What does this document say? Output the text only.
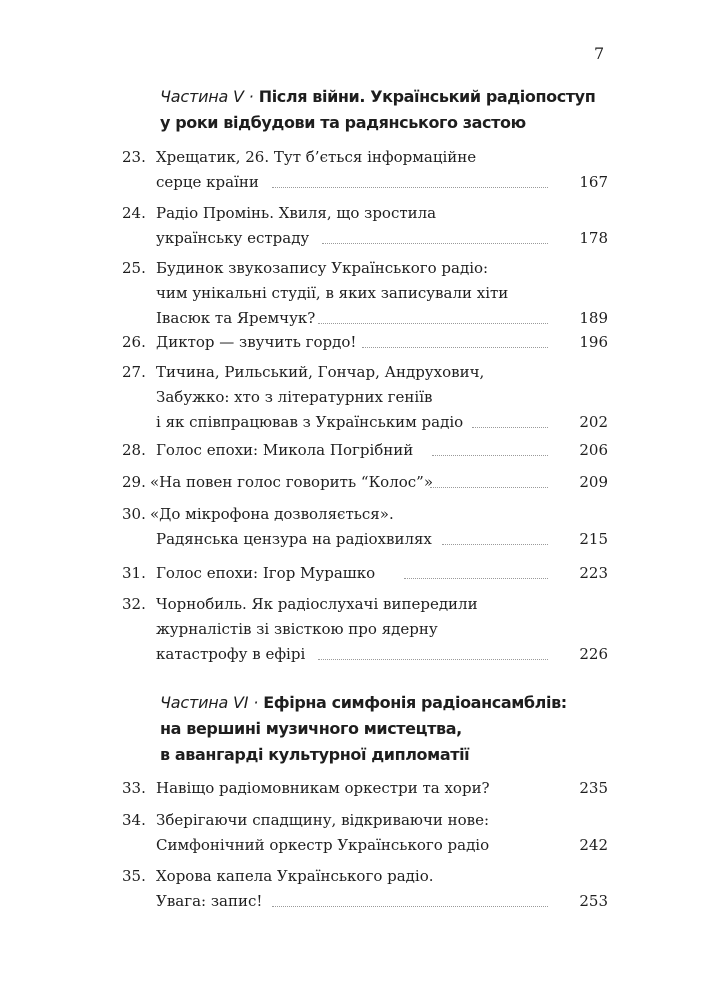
7
Частина V · Після війни. Український радіопоступ
у роки відбудови та радянського застою
23. Хрещатик, 26. Тут б’ється інформаційне
серце країни	167
24. Радіо Промінь. Хвиля, що зростила
українську естраду	178
25. Будинок звукозапису Українського радіо:
чим унікальні студії, в яких записували хіти
Івасюк та Яремчук?	189
26. Диктор — звучить гордо!	196
27. Тичина, Рильський, Гончар, Андрухович,
Забужко: хто з літературних геніїв
і як співпрацював з Українським радіо	202
28. Голос епохи: Микола Погрібний	206
29. «На повен голос говорить “Колос”»	209
30. «До мікрофона дозволяється».
Радянська цензура на радіохвилях	215
31. Голос епохи: Ігор Мурашко	223
32. Чорнобиль. Як радіослухачі випередили
журналістів зі звісткою про ядерну
катастрофу в ефірі	226
Частина VI · Ефірна симфонія радіоансамблів:
на вершині музичного мистецтва,
в авангарді культурної дипломатії
33. Навіщо радіомовникам оркестри та хори?	235
34. Зберігаючи спадщину, відкриваючи нове:
Симфонічний оркестр Українського радіо	242
35. Хорова капела Українського радіо.
Увага: запис!	253
